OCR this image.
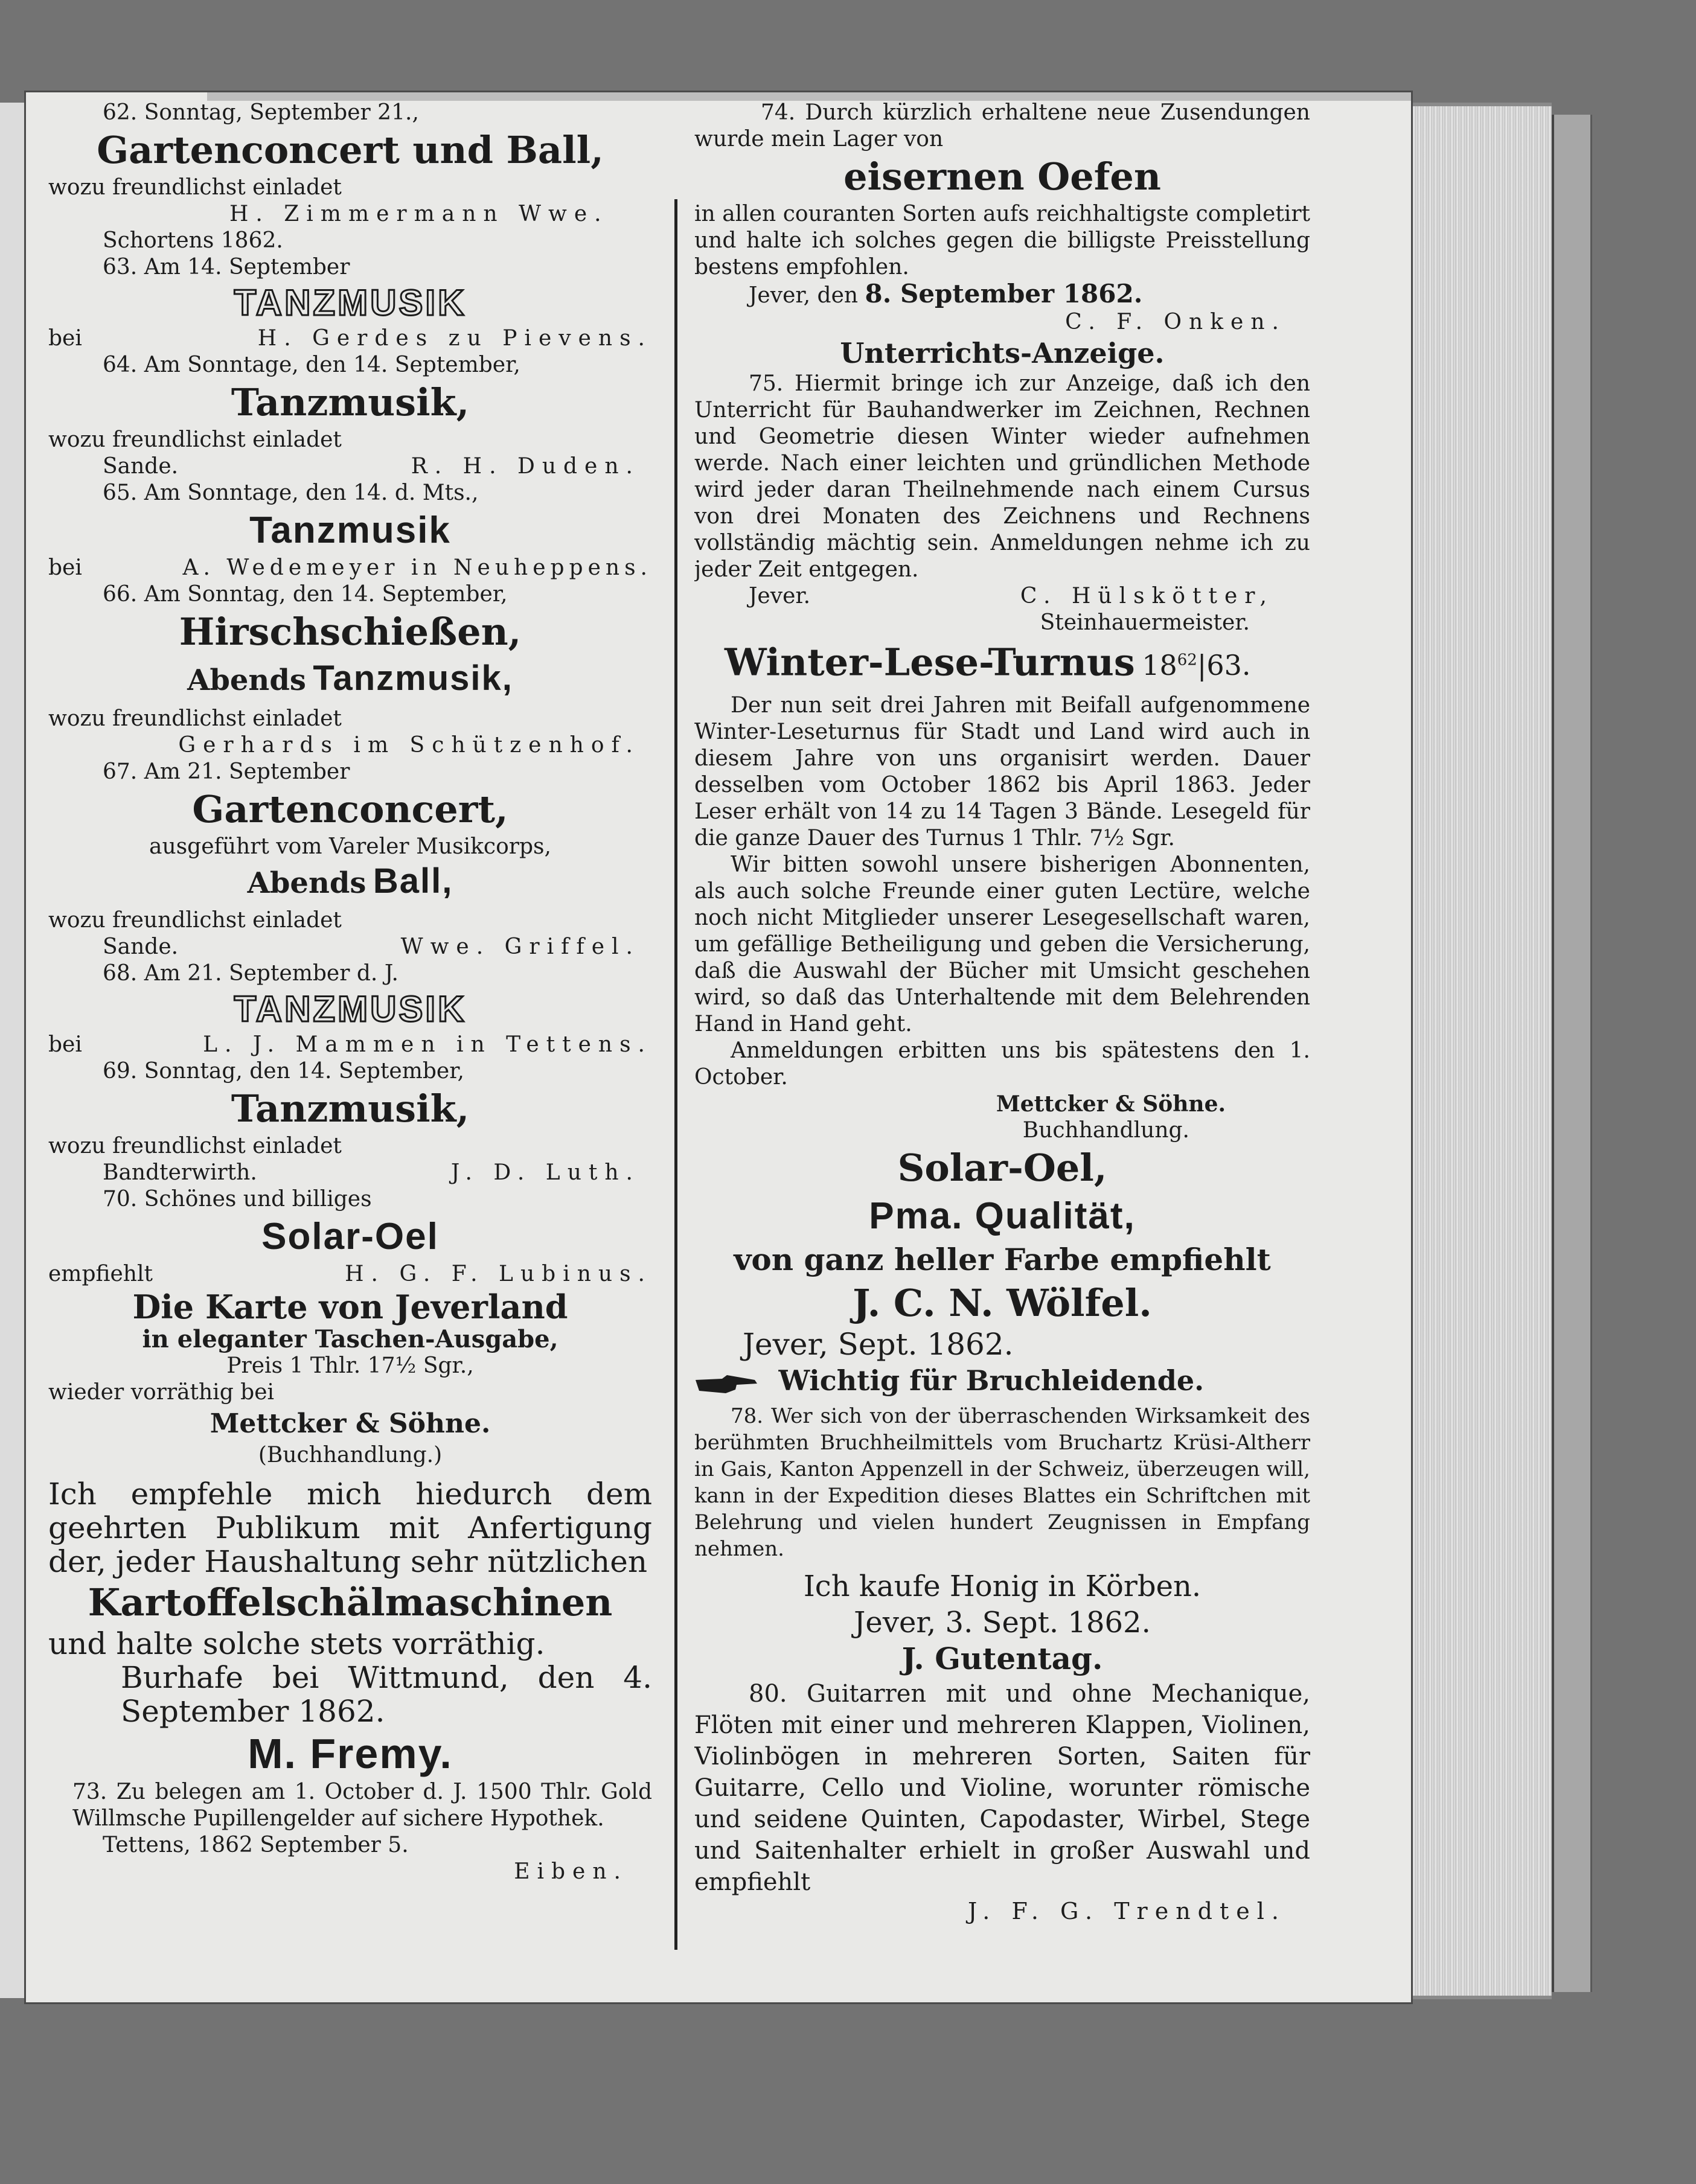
62. Sonntag, September 21.,
Gartenconcert und Ball,
wozu freundlichst einladet
H. Zimmermann Wwe.
Schortens 1862.
63. Am 14. September
TANZMUSIK
bei	H. Gerdes zu Pievens.
64. Am Sonntage, den 14. September,
Tanzmusik,
wozu freundlichst einladet
Sande.	R. H. Duden.
65. Am Sonntage, den 14. d. Mts.,
Tanzmusik
bei	A. Wedemeyer in Neuheppens.
66. Am Sonntag, den 14. September,
Hirschschießen,
Abends Tanzmusik,
wozu freundlichst einladet
Gerhards im Schützenhof.
67. Am 21. September
Gartenconcert,
ausgeführt vom Vareler Musikcorps,
Abends Ball,
wozu freundlichst einladet
Sande.	Wwe. Griffel.
68. Am 21. September d. J.
TANZMUSIK
bei	L. J. Mammen in Tettens.
69. Sonntag, den 14. September,
Tanzmusik,
wozu freundlichst einladet
Bandterwirth.	J. D. Luth.
70. Schönes und billiges
Solar-Oel
empfiehlt	H. G. F. Lubinus.
Die Karte von Jeverland
in eleganter Taschen-Ausgabe,
Preis 1 Thlr. 17½ Sgr.,
wieder vorräthig bei
Mettcker & Söhne.
(Buchhandlung.)
Ich empfehle mich hiedurch dem geehrten Publikum mit Anfertigung der, jeder Haushaltung sehr nützlichen
Kartoffelschälmaschinen
und halte solche stets vorräthig.
Burhafe bei Wittmund, den 4. September 1862.
M. Fremy.
73. Zu belegen am 1. October d. J. 1500 Thlr. Gold Willmsche Pupillengelder auf sichere Hypothek.
Tettens, 1862 September 5.
Eiben.
74. Durch kürzlich erhaltene neue Zusendungen wurde mein Lager von
eisernen Oefen
in allen couranten Sorten aufs reichhaltigste completirt und halte ich solches gegen die billigste Preisstellung bestens empfohlen.
Jever, den 8. September 1862.
C. F. Onken.
Unterrichts-Anzeige.
75. Hiermit bringe ich zur Anzeige, daß ich den Unterricht für Bauhandwerker im Zeichnen, Rechnen und Geometrie diesen Winter wieder aufnehmen werde. Nach einer leichten und gründlichen Methode wird jeder daran Theilnehmende nach einem Cursus von drei Monaten des Zeichnens und Rechnens vollständig mächtig sein. Anmeldungen nehme ich zu jeder Zeit entgegen.
Jever.	C. Hülskötter,
Steinhauermeister.
Winter-Lese-Turnus $18^{62}|63$.
Der nun seit drei Jahren mit Beifall aufgenommene Winter-Leseturnus für Stadt und Land wird auch in diesem Jahre von uns organisirt werden. Dauer desselben vom October 1862 bis April 1863. Jeder Leser erhält von 14 zu 14 Tagen 3 Bände. Lesegeld für die ganze Dauer des Turnus 1 Thlr. 7½ Sgr.
Wir bitten sowohl unsere bisherigen Abonnenten, als auch solche Freunde einer guten Lectüre, welche noch nicht Mitglieder unserer Lesegesellschaft waren, um gefällige Betheiligung und geben die Versicherung, daß die Auswahl der Bücher mit Umsicht geschehen wird, so daß das Unterhaltende mit dem Belehrenden Hand in Hand geht.
Anmeldungen erbitten uns bis spätestens den 1. October.
Mettcker & Söhne.
Buchhandlung.
Solar-Oel,
Pma. Qualität,
von ganz heller Farbe empfiehlt
J. C. N. Wölfel.
Jever, Sept. 1862.
Wichtig für Bruchleidende.
78. Wer sich von der überraschenden Wirksamkeit des berühmten Bruchheilmittels vom Bruchartz Krüsi-Altherr in Gais, Kanton Appenzell in der Schweiz, überzeugen will, kann in der Expedition dieses Blattes ein Schriftchen mit Belehrung und vielen hundert Zeugnissen in Empfang nehmen.
Ich kaufe Honig in Körben.
Jever, 3. Sept. 1862.
J. Gutentag.
80. Guitarren mit und ohne Mechanique, Flöten mit einer und mehreren Klappen, Violinen, Violinbögen in mehreren Sorten, Saiten für Guitarre, Cello und Violine, worunter römische und seidene Quinten, Capodaster, Wirbel, Stege und Saitenhalter erhielt in großer Auswahl und empfiehlt
J. F. G. Trendtel.
